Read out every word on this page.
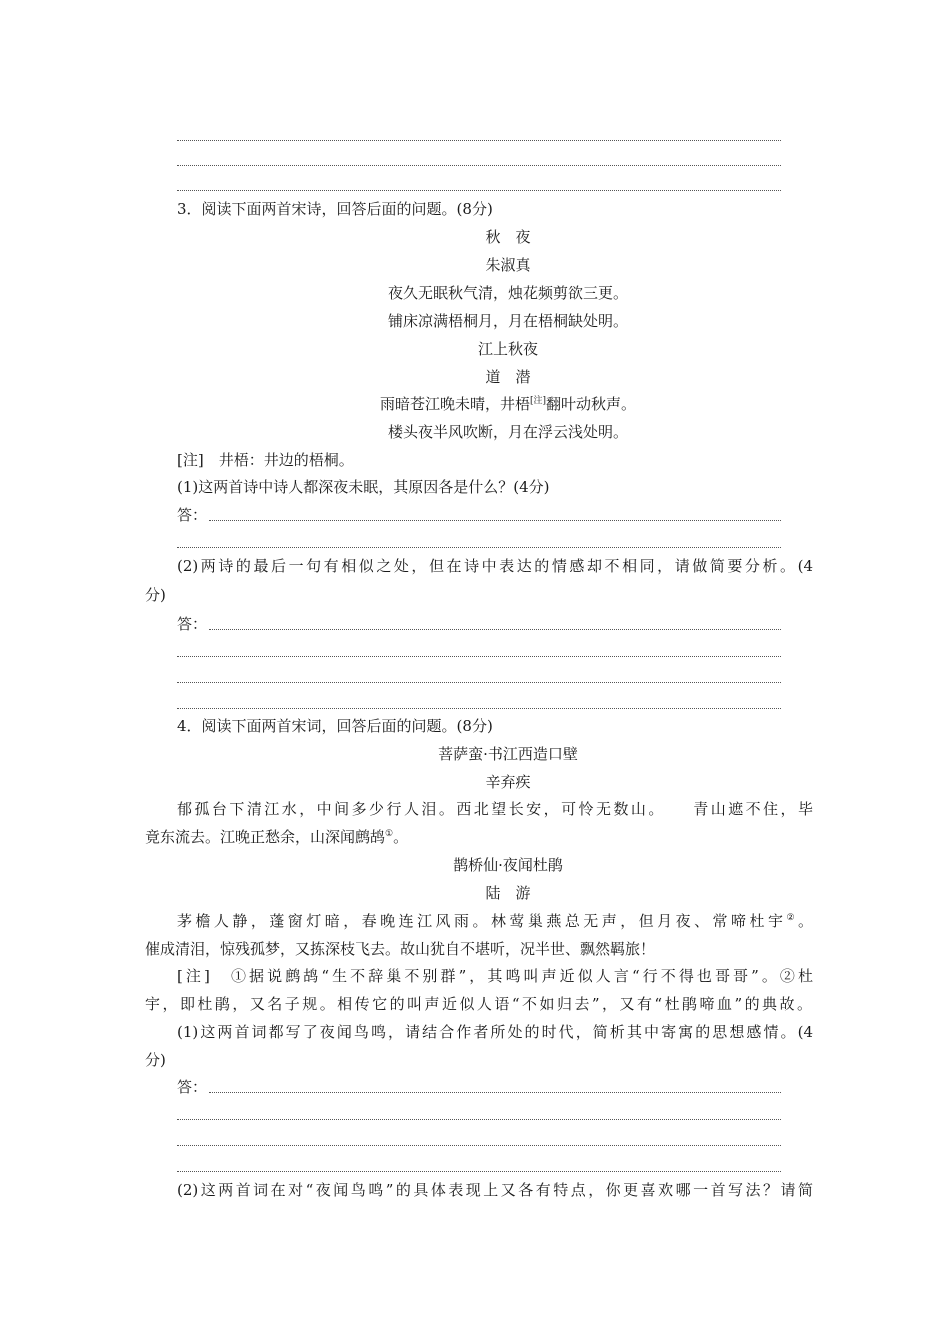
3．阅读下面两首宋诗，回答后面的问题。(8分)
秋　夜
朱淑真
夜久无眠秋气清，烛花频剪欲三更。
铺床凉满梧桐月，月在梧桐缺处明。
江上秋夜
道　潜
雨暗苍江晚未晴，井梧[注]翻叶动秋声。
楼头夜半风吹断，月在浮云浅处明。
[注]　井梧：井边的梧桐。
(1)这两首诗中诗人都深夜未眠，其原因各是什么？(4分)
答：
(2)两诗的最后一句有相似之处，但在诗中表达的情感却不相同，请做简要分析。(4
分)
答：
4．阅读下面两首宋词，回答后面的问题。(8分)
菩萨蛮·书江西造口壁
辛弃疾
郁孤台下清江水，中间多少行人泪。西北望长安，可怜无数山。　　青山遮不住，毕
竟东流去。江晚正愁余，山深闻鹧鸪①。
鹊桥仙·夜闻杜鹃
陆　游
茅檐人静，蓬窗灯暗，春晚连江风雨。林莺巢燕总无声，但月夜、常啼杜宇②。
催成清泪，惊残孤梦，又拣深枝飞去。故山犹自不堪听，况半世、飘然羁旅！
[注]　①据说鹧鸪“生不辞巢不别群”，其鸣叫声近似人言“行不得也哥哥”。②杜
宇，即杜鹃，又名子规。相传它的叫声近似人语“不如归去”，又有“杜鹃啼血”的典故。
(1)这两首词都写了夜闻鸟鸣，请结合作者所处的时代，简析其中寄寓的思想感情。(4
分)
答：
(2)这两首词在对“夜闻鸟鸣”的具体表现上又各有特点，你更喜欢哪一首写法？请简
